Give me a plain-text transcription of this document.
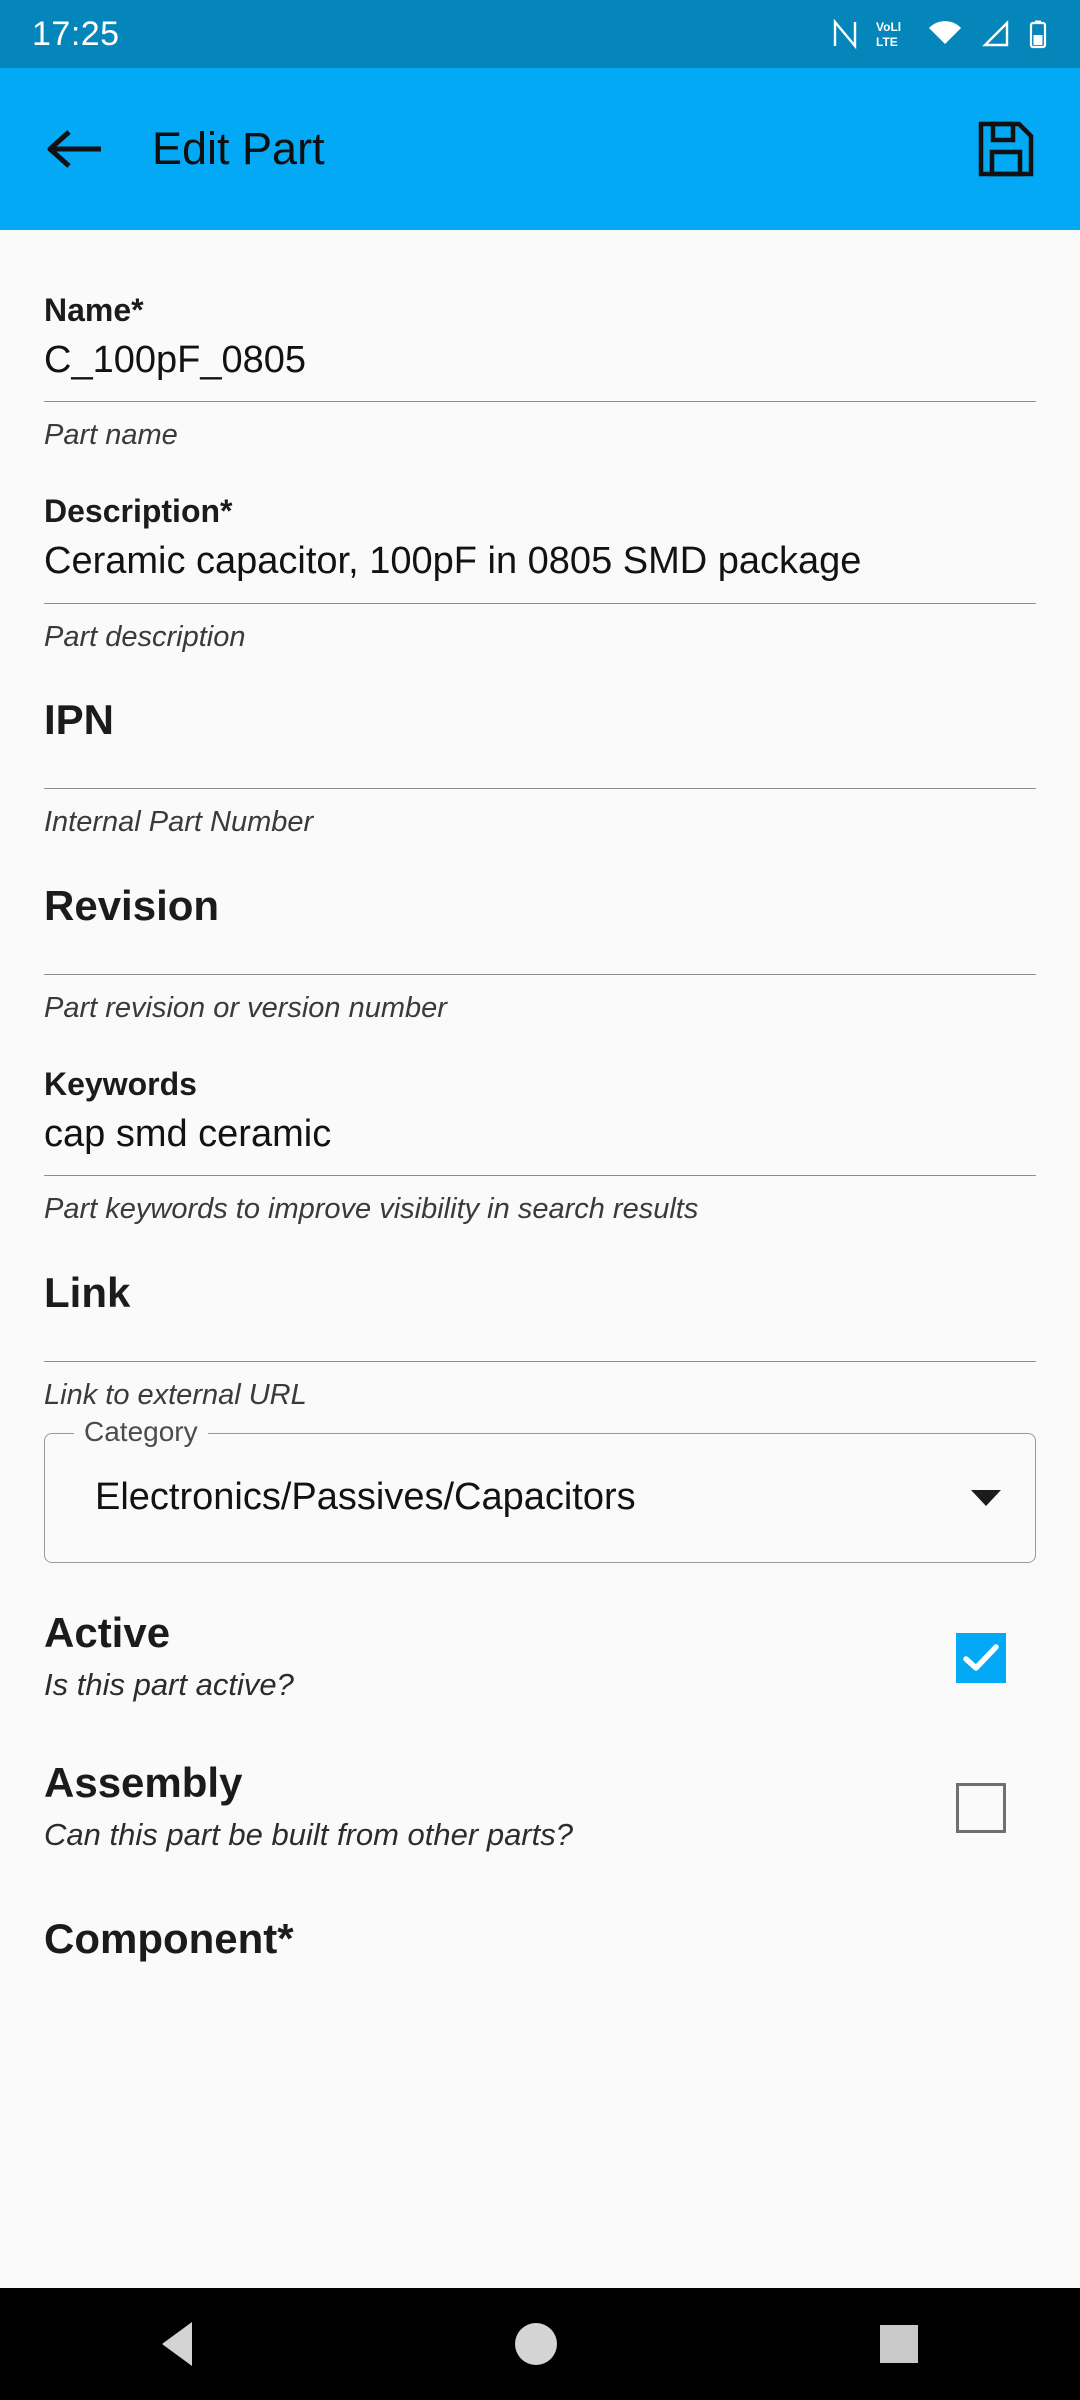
17:25	VoLl
LTE
Edit Part
Name*
C_100pF_0805
Part name
Description*
Ceramic capacitor, 100pF in 0805 SMD package
Part description
IPN
Internal Part Number
Revision
Part revision or version number
Keywords
cap smd ceramic
Part keywords to improve visibility in search results
Link
Link to external URL
Category
Electronics/Passives/Capacitors
Active
Is this part active?
Assembly
Can this part be built from other parts?
Component*
